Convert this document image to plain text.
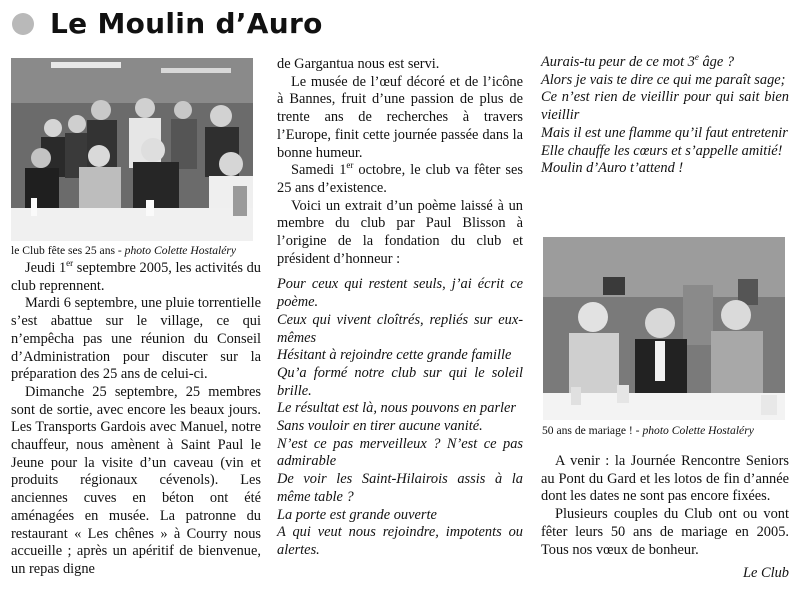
Le Moulin d’Auro
le Club fête ses 25 ans - photo Colette Hostaléry

Jeudi 1er septembre 2005, les activités du club reprennent.

Mardi 6 septembre, une pluie torrentielle s’est abattue sur le village, ce qui n’empêcha pas une réunion du Conseil d’Administration pour discuter sur la préparation des 25 ans de celui-ci.

Dimanche 25 septembre, 25 membres sont de sortie, avec encore les beaux jours. Les Transports Gardois avec Manuel, notre chauffeur, nous amènent à Saint Paul le Jeune pour la visite d’un caveau (vin et produits régionaux cévenols). Les anciennes cuves en béton ont été aménagées en musée. La patronne du restaurant « Les chênes » à Courry nous accueille ; après un apéritif de bienvenue, un repas digne

de Gargantua nous est servi.

Le musée de l’œuf décoré et de l’icône à Bannes, fruit d’une passion de plus de trente ans de recherches à travers l’Europe, finit cette journée passée dans la bonne humeur.

Samedi 1er octobre, le club va fêter ses 25 ans d’existence.

Voici un extrait d’un poème laissé à un membre du club par Paul Blisson à l’origine de la fondation du club et président d’honneur :

Pour ceux qui restent seuls, j’ai écrit ce poème.

Ceux qui vivent cloîtrés, repliés sur eux-mêmes

Hésitant à rejoindre cette grande famille

Qu’a formé notre club sur qui le soleil brille.

Le résultat est là, nous pouvons en parler

Sans vouloir en tirer aucune vanité.

N’est ce pas merveilleux ? N’est ce pas admirable

De voir les Saint-Hilairois assis à la même table ?

La porte est grande ouverte

A qui veut nous rejoindre, impotents ou alertes.

Aurais-tu peur de ce mot 3e âge ?

Alors je vais te dire ce qui me paraît sage;

Ce n’est rien de vieillir pour qui sait bien vieillir

Mais il est une flamme qu’il faut entretenir

Elle chauffe les cœurs et s’appelle amitié!

Moulin d’Auro t’attend !

50 ans de mariage ! - photo Colette Hostaléry

A venir : la Journée Rencontre Seniors au Pont du Gard et les lotos de fin d’année dont les dates ne sont pas encore fixées.

Plusieurs couples du Club ont ou vont fêter leurs 50 ans de mariage en 2005. Tous nos vœux de bonheur.

Le Club
